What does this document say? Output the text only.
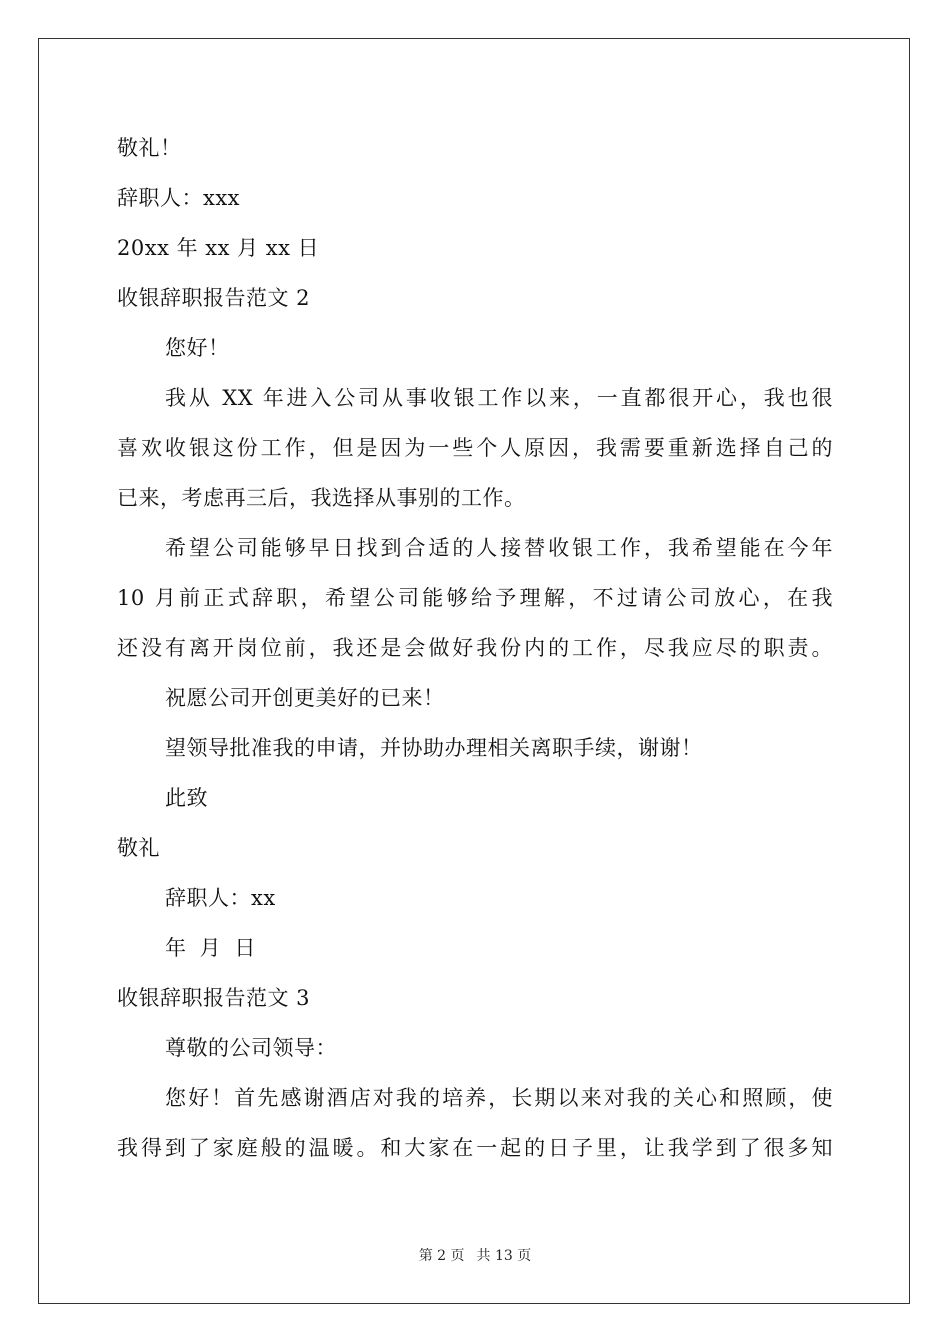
敬礼！
辞职人：xxx
20xx 年 xx 月 xx 日
收银辞职报告范文 2
您好！
我从 XX 年进入公司从事收银工作以来，一直都很开心，我也很
喜欢收银这份工作，但是因为一些个人原因，我需要重新选择自己的
已来，考虑再三后，我选择从事别的工作。
希望公司能够早日找到合适的人接替收银工作，我希望能在今年
10 月前正式辞职，希望公司能够给予理解，不过请公司放心，在我
还没有离开岗位前，我还是会做好我份内的工作，尽我应尽的职责。
祝愿公司开创更美好的已来！
望领导批准我的申请，并协助办理相关离职手续，谢谢！
此致
敬礼
辞职人：xx
年 月 日
收银辞职报告范文 3
尊敬的公司领导：
您好！首先感谢酒店对我的培养，长期以来对我的关心和照顾，使
我得到了家庭般的温暖。和大家在一起的日子里，让我学到了很多知
第 2 页 共 13 页
